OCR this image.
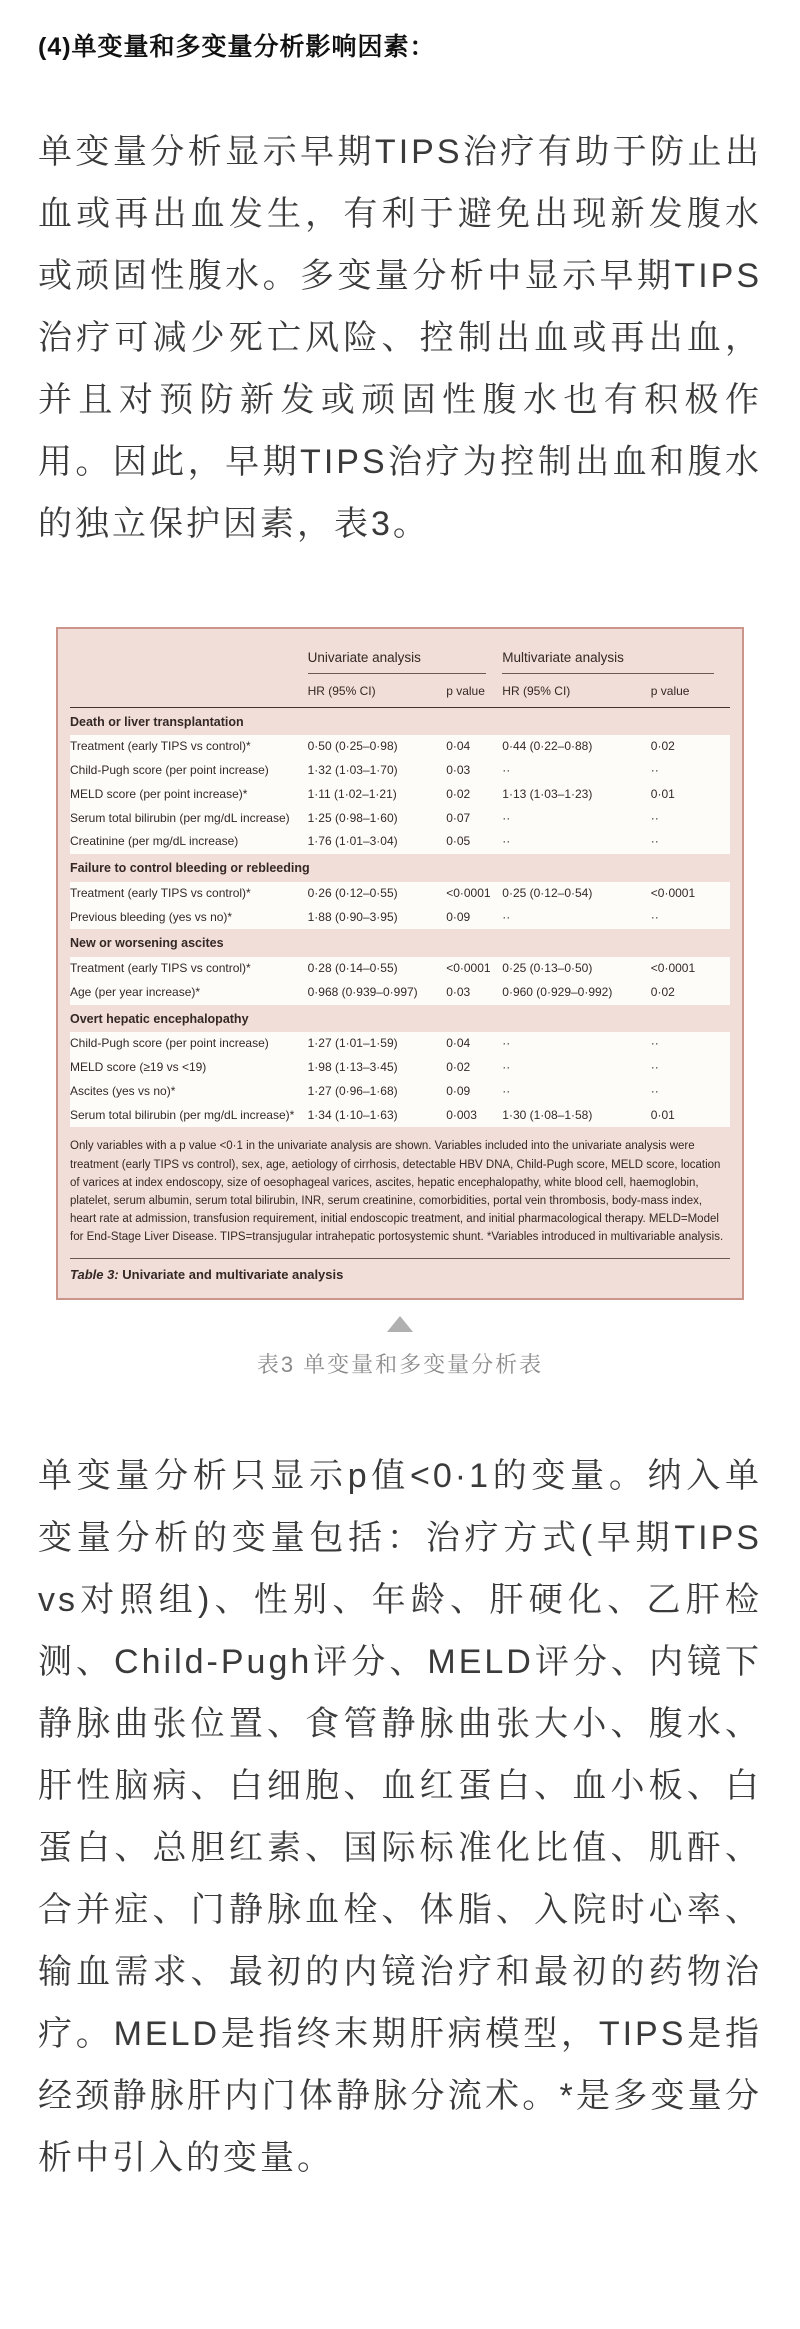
(4)单变量和多变量分析影响因素：

单变量分析显示早期TIPS治疗有助于防止出血或再出血发生，有利于避免出现新发腹水或顽固性腹水。多变量分析中显示早期TIPS治疗可减少死亡风险、控制出血或再出血，并且对预防新发或顽固性腹水也有积极作用。因此，早期TIPS治疗为控制出血和腹水的独立保护因素，表3。

	Univariate analysis		Multivariate analysis	

	HR (95% CI)	p value	HR (95% CI)	p value
Death or liver transplantation				
Treatment (early TIPS vs control)*	0·50 (0·25–0·98)	0·04	0·44 (0·22–0·88)	0·02
Child-Pugh score (per point increase)	1·32 (1·03–1·70)	0·03	··	··
MELD score (per point increase)*	1·11 (1·02–1·21)	0·02	1·13 (1·03–1·23)	0·01
Serum total bilirubin (per mg/dL increase)	1·25 (0·98–1·60)	0·07	··	··
Creatinine (per mg/dL increase)	1·76 (1·01–3·04)	0·05	··	··
Failure to control bleeding or rebleeding				
Treatment (early TIPS vs control)*	0·26 (0·12–0·55)	<0·0001	0·25 (0·12–0·54)	<0·0001
Previous bleeding (yes vs no)*	1·88 (0·90–3·95)	0·09	··	··
New or worsening ascites				
Treatment (early TIPS vs control)*	0·28 (0·14–0·55)	<0·0001	0·25 (0·13–0·50)	<0·0001
Age (per year increase)*	0·968 (0·939–0·997)	0·03	0·960 (0·929–0·992)	0·02
Overt hepatic encephalopathy				
Child-Pugh score (per point increase)	1·27 (1·01–1·59)	0·04	··	··
MELD score (≥19 vs <19)	1·98 (1·13–3·45)	0·02	··	··
Ascites (yes vs no)*	1·27 (0·96–1·68)	0·09	··	··
Serum total bilirubin (per mg/dL increase)*	1·34 (1·10–1·63)	0·003	1·30 (1·08–1·58)	0·01

Only variables with a p value <0·1 in the univariate analysis are shown. Variables included into the univariate analysis were treatment (early TIPS vs control), sex, age, aetiology of cirrhosis, detectable HBV DNA, Child-Pugh score, MELD score, location of varices at index endoscopy, size of oesophageal varices, ascites, hepatic encephalopathy, white blood cell, haemoglobin, platelet, serum albumin, serum total bilirubin, INR, serum creatinine, comorbidities, portal vein thrombosis, body-mass index, heart rate at admission, transfusion requirement, initial endoscopic treatment, and initial pharmacological therapy. MELD=Model for End-Stage Liver Disease. TIPS=transjugular intrahepatic portosystemic shunt. *Variables introduced in multivariable analysis.

Table 3: Univariate and multivariate analysis

表3 单变量和多变量分析表

单变量分析只显示p值<0·1的变量。纳入单变量分析的变量包括：治疗方式(早期TIPS vs对照组)、性别、年龄、肝硬化、乙肝检测、Child-Pugh评分、MELD评分、内镜下静脉曲张位置、食管静脉曲张大小、腹水、肝性脑病、白细胞、血红蛋白、血小板、白蛋白、总胆红素、国际标准化比值、肌酐、合并症、门静脉血栓、体脂、入院时心率、输血需求、最初的内镜治疗和最初的药物治疗。MELD是指终末期肝病模型，TIPS是指经颈静脉肝内门体静脉分流术。*是多变量分析中引入的变量。
